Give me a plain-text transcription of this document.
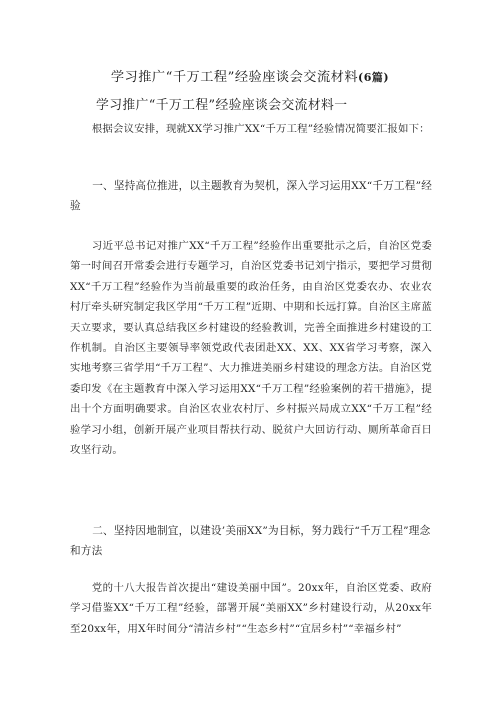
学习推广“千万工程”经验座谈会交流材料(6篇)
学习推广“千万工程”经验座谈会交流材料一

根据会议安排，现就XX学习推广XX“千万工程”经验情况简要汇报如下：

一、坚持高位推进，以主题教育为契机，深入学习运用XX“千万工程”经验

习近平总书记对推广XX“千万工程”经验作出重要批示之后，自治区党委第一时间召开常委会进行专题学习，自治区党委书记刘宁指示，要把学习贯彻XX“千万工程”经验作为当前最重要的政治任务，由自治区党委农办、农业农村厅牵头研究制定我区学用“千万工程”近期、中期和长远打算。自治区主席蓝天立要求，要认真总结我区乡村建设的经验教训，完善全面推进乡村建设的工作机制。自治区主要领导率领党政代表团赴XX、XX、XX省学习考察，深入实地考察三省学用“千万工程”、大力推进美丽乡村建设的理念方法。自治区党委印发《在主题教育中深入学习运用XX“千万工程”经验案例的若干措施》，提出十个方面明确要求。自治区农业农村厅、乡村振兴局成立XX“千万工程”经验学习小组，创新开展产业项目帮扶行动、脱贫户大回访行动、厕所革命百日攻坚行动。

二、坚持因地制宜，以建设’美丽XX”为目标，努力践行“千万工程”理念和方法

党的十八大报告首次提出“建设美丽中国”。20xx年，自治区党委、政府学习借鉴XX“千万工程”经验，部署开展“美丽XX”乡村建设行动，从20xx年至20xx年，用X年时间分“清洁乡村”“生态乡村”“宜居乡村”“幸福乡村”
